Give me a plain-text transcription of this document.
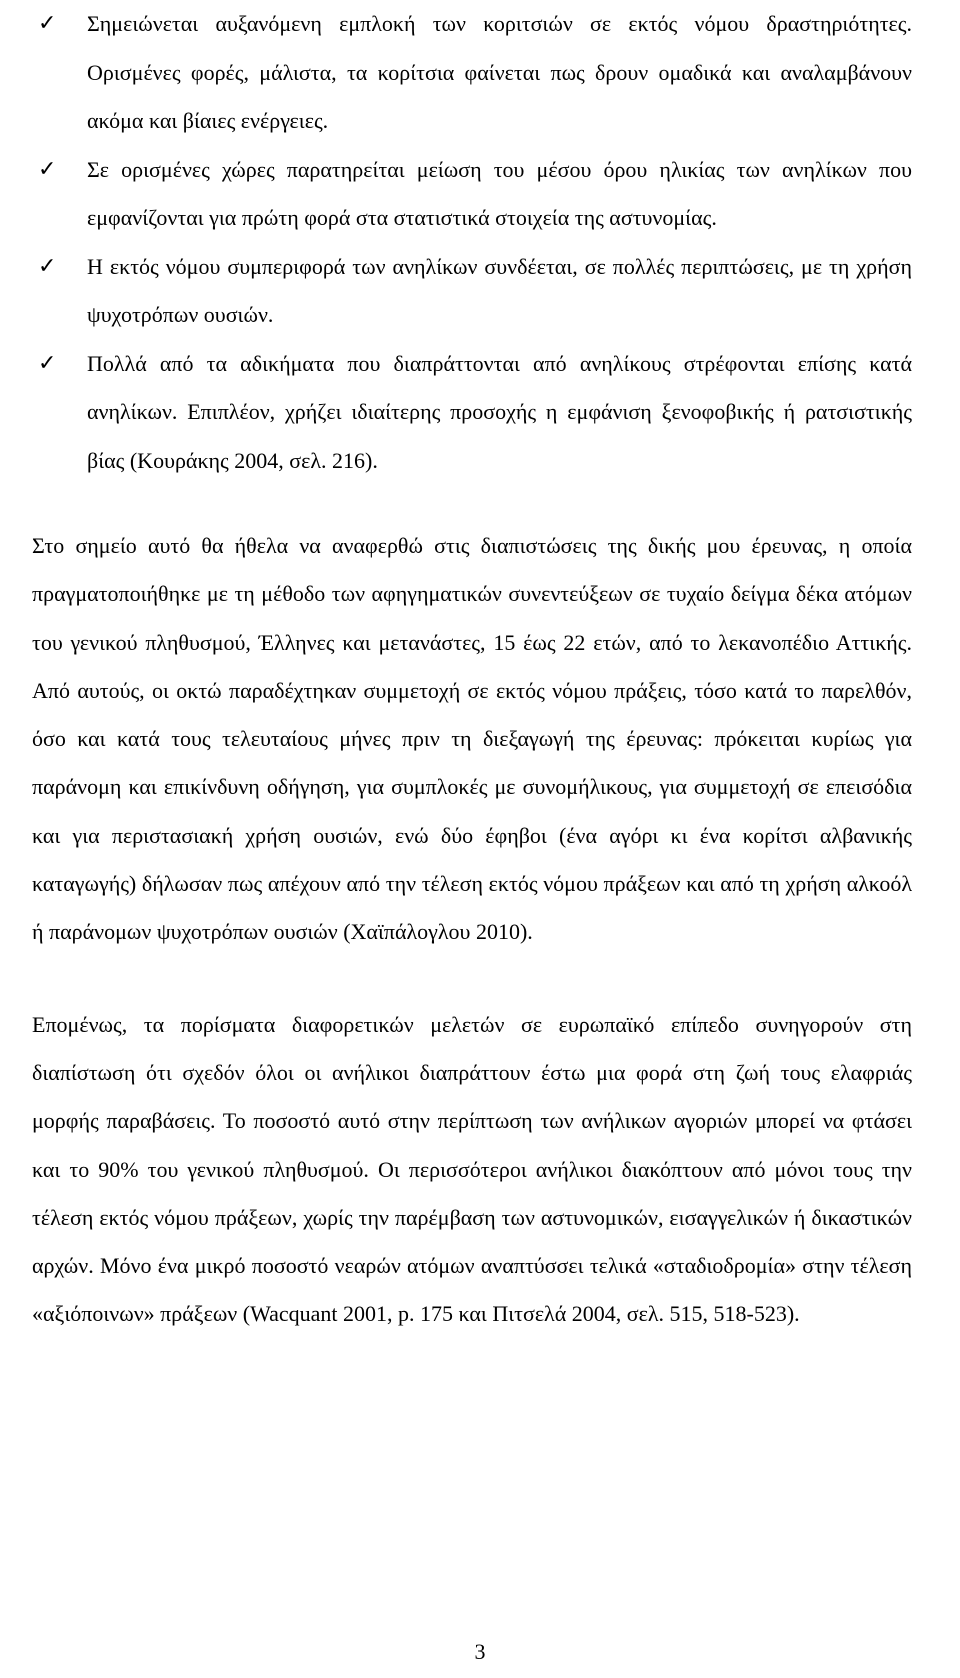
✓ Σημειώνεται αυξανόμενη εμπλοκή των κοριτσιών σε εκτός νόμου δραστηριότητες. Ορισμένες φορές, μάλιστα, τα κορίτσια φαίνεται πως δρουν ομαδικά και αναλαμβάνουν ακόμα και βίαιες ενέργειες.
✓ Σε ορισμένες χώρες παρατηρείται μείωση του μέσου όρου ηλικίας των ανηλίκων που εμφανίζονται για πρώτη φορά στα στατιστικά στοιχεία της αστυνομίας.
✓ Η εκτός νόμου συμπεριφορά των ανηλίκων συνδέεται, σε πολλές περιπτώσεις, με τη χρήση ψυχοτρόπων ουσιών.
✓ Πολλά από τα αδικήματα που διαπράττονται από ανηλίκους στρέφονται επίσης κατά ανηλίκων. Επιπλέον, χρήζει ιδιαίτερης προσοχής η εμφάνιση ξενοφοβικής ή ρατσιστικής βίας (Κουράκης 2004, σελ. 216).

Στο σημείο αυτό θα ήθελα να αναφερθώ στις διαπιστώσεις της δικής μου έρευνας, η οποία πραγματοποιήθηκε με τη μέθοδο των αφηγηματικών συνεντεύξεων σε τυχαίο δείγμα δέκα ατόμων του γενικού πληθυσμού, Έλληνες και μετανάστες, 15 έως 22 ετών, από το λεκανοπέδιο Αττικής. Από αυτούς, οι οκτώ παραδέχτηκαν συμμετοχή σε εκτός νόμου πράξεις, τόσο κατά το παρελθόν, όσο και κατά τους τελευταίους μήνες πριν τη διεξαγωγή της έρευνας: πρόκειται κυρίως για παράνομη και επικίνδυνη οδήγηση, για συμπλοκές με συνομήλικους, για συμμετοχή σε επεισόδια και για περιστασιακή χρήση ουσιών, ενώ δύο έφηβοι (ένα αγόρι κι ένα κορίτσι αλβανικής καταγωγής) δήλωσαν πως απέχουν από την τέλεση εκτός νόμου πράξεων και από τη χρήση αλκοόλ ή παράνομων ψυχοτρόπων ουσιών (Χαϊπάλογλου 2010).

Επομένως, τα πορίσματα διαφορετικών μελετών σε ευρωπαϊκό επίπεδο συνηγορούν στη διαπίστωση ότι σχεδόν όλοι οι ανήλικοι διαπράττουν έστω μια φορά στη ζωή τους ελαφριάς μορφής παραβάσεις. Το ποσοστό αυτό στην περίπτωση των ανήλικων αγοριών μπορεί να φτάσει και το 90% του γενικού πληθυσμού. Οι περισσότεροι ανήλικοι διακόπτουν από μόνοι τους την τέλεση εκτός νόμου πράξεων, χωρίς την παρέμβαση των αστυνομικών, εισαγγελικών ή δικαστικών αρχών. Μόνο ένα μικρό ποσοστό νεαρών ατόμων αναπτύσσει τελικά «σταδιοδρομία» στην τέλεση «αξιόποινων» πράξεων (Wacquant 2001, p. 175 και Πιτσελά 2004, σελ. 515, 518-523).

3
